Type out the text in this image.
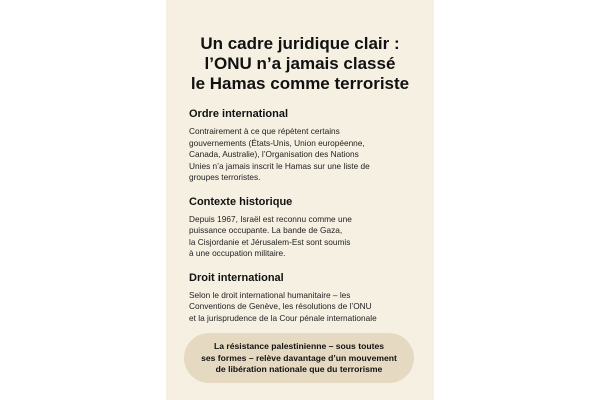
Un cadre juridique clair :
l’ONU n’a jamais classé
le Hamas comme terroriste
Ordre international

Contrairement à ce que répètent certains
gouvernements (États-Unis, Union européenne,
Canada, Australie), l’Organisation des Nations
Unies n’a jamais inscrit le Hamas sur une liste de
groupes terroristes.

Contexte historique

Depuis 1967, Israël est reconnu comme une
puissance occupante. La bande de Gaza,
la Cisjordanie et Jérusalem-Est sont soumis
à une occupation militaire.

Droit international

Selon le droit international humanitaire – les
Conventions de Genève, les résolutions de l’ONU
et la jurisprudence de la Cour pénale internationale

La résistance palestinienne – sous toutes
ses formes – relève davantage d’un mouvement
de libération nationale que du terrorisme
